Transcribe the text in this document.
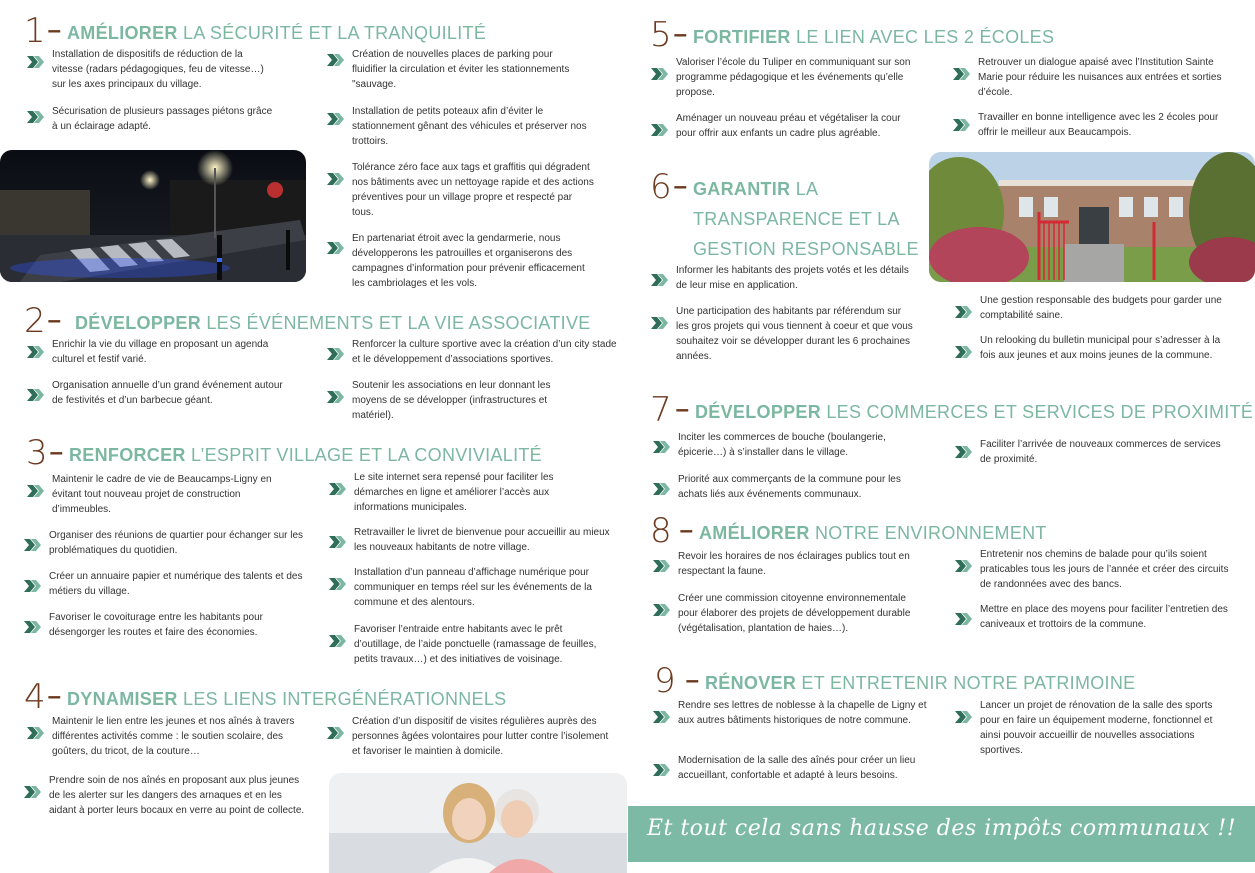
1 – AMÉLIORER LA SÉCURITÉ ET LA TRANQUILITÉ
Installation de dispositifs de réduction de la vitesse (radars pédagogiques, feu de vitesse…) sur les axes principaux du village.
Sécurisation de plusieurs passages piétons grâce à un éclairage adapté.
Création de nouvelles places de parking pour fluidifier la circulation et éviter les stationnements "sauvage.
Installation de petits poteaux afin d’éviter le stationnement gênant des véhicules et préserver nos trottoirs.
Tolérance zéro face aux tags et graffitis qui dégradent nos bâtiments avec un nettoyage rapide et des actions préventives pour un village propre et respecté par tous.
En partenariat étroit avec la gendarmerie, nous développerons les patrouilles et organiserons des campagnes d’information pour prévenir efficacement les cambriolages et les vols.
2 – DÉVELOPPER LES ÉVÉNEMENTS ET LA VIE ASSOCIATIVE
Enrichir la vie du village en proposant un agenda culturel et festif varié.
Organisation annuelle d’un grand événement autour de festivités et d’un barbecue géant.
Renforcer la culture sportive avec la création d’un city stade et le développement d’associations sportives.
Soutenir les associations en leur donnant les moyens de se développer (infrastructures et matériel).
3 – RENFORCER L’ESPRIT VILLAGE ET LA CONVIVIALITÉ
Maintenir le cadre de vie de Beaucamps-Ligny en évitant tout nouveau projet de construction d’immeubles.
Organiser des réunions de quartier pour échanger sur les problématiques du quotidien.
Créer un annuaire papier et numérique des talents et des métiers du village.
Favoriser le covoiturage entre les habitants pour désengorger les routes et faire des économies.
Le site internet sera repensé pour faciliter les démarches en ligne et améliorer l’accès aux informations municipales.
Retravailler le livret de bienvenue pour accueillir au mieux les nouveaux habitants de notre village.
Installation d’un panneau d’affichage numérique pour communiquer en temps réel sur les événements de la commune et des alentours.
Favoriser l’entraide entre habitants avec le prêt d’outillage, de l’aide ponctuelle (ramassage de feuilles, petits travaux…) et des initiatives de voisinage.
4 – DYNAMISER LES LIENS INTERGÉNÉRATIONNELS
Maintenir le lien entre les jeunes et nos aînés à travers différentes activités comme : le soutien scolaire, des goûters, du tricot, de la couture…
Prendre soin de nos aînés en proposant aux plus jeunes de les alerter sur les dangers des arnaques et en les aidant à porter leurs bocaux en verre au point de collecte.
Création d’un dispositif de visites régulières auprès des personnes âgées volontaires pour lutter contre l’isolement et favoriser le maintien à domicile.
5 – FORTIFIER LE LIEN AVEC LES 2 ÉCOLES
Valoriser l’école du Tuliper en communiquant sur son programme pédagogique et les événements qu’elle propose.
Aménager un nouveau préau et végétaliser la cour pour offrir aux enfants un cadre plus agréable.
Retrouver un dialogue apaisé avec l’Institution Sainte Marie pour réduire les nuisances aux entrées et sorties d’école.
Travailler en bonne intelligence avec les 2 écoles pour offrir le meilleur aux Beaucampois.
6 – GARANTIR LA TRANSPARENCE ET LA GESTION RESPONSABLE
Informer les habitants des projets votés et les détails de leur mise en application.
Une participation des habitants par référendum sur les gros projets qui vous tiennent à coeur et que vous souhaitez voir se développer durant les 6 prochaines années.
Une gestion responsable des budgets pour garder une comptabilité saine.
Un relooking du bulletin municipal pour s’adresser à la fois aux jeunes et aux moins jeunes de la commune.
7 – DÉVELOPPER LES COMMERCES ET SERVICES DE PROXIMITÉ
Inciter les commerces de bouche (boulangerie, épicerie…) à s’installer dans le village.
Priorité aux commerçants de la commune pour les achats liés aux événements communaux.
Faciliter l’arrivée de nouveaux commerces de services de proximité.
8 – AMÉLIORER NOTRE ENVIRONNEMENT
Revoir les horaires de nos éclairages publics tout en respectant la faune.
Créer une commission citoyenne environnementale pour élaborer des projets de développement durable (végétalisation, plantation de haies…).
Entretenir nos chemins de balade pour qu’ils soient praticables tous les jours de l’année et créer des circuits de randonnées avec des bancs.
Mettre en place des moyens pour faciliter l’entretien des caniveaux et trottoirs de la commune.
9 – RÉNOVER ET ENTRETENIR NOTRE PATRIMOINE
Rendre ses lettres de noblesse à la chapelle de Ligny et aux autres bâtiments historiques de notre commune.
Modernisation de la salle des aînés pour créer un lieu accueillant, confortable et adapté à leurs besoins.
Lancer un projet de rénovation de la salle des sports pour en faire un équipement moderne, fonctionnel et ainsi pouvoir accueillir de nouvelles associations sportives.
Et tout cela sans hausse des impôts communaux !!
